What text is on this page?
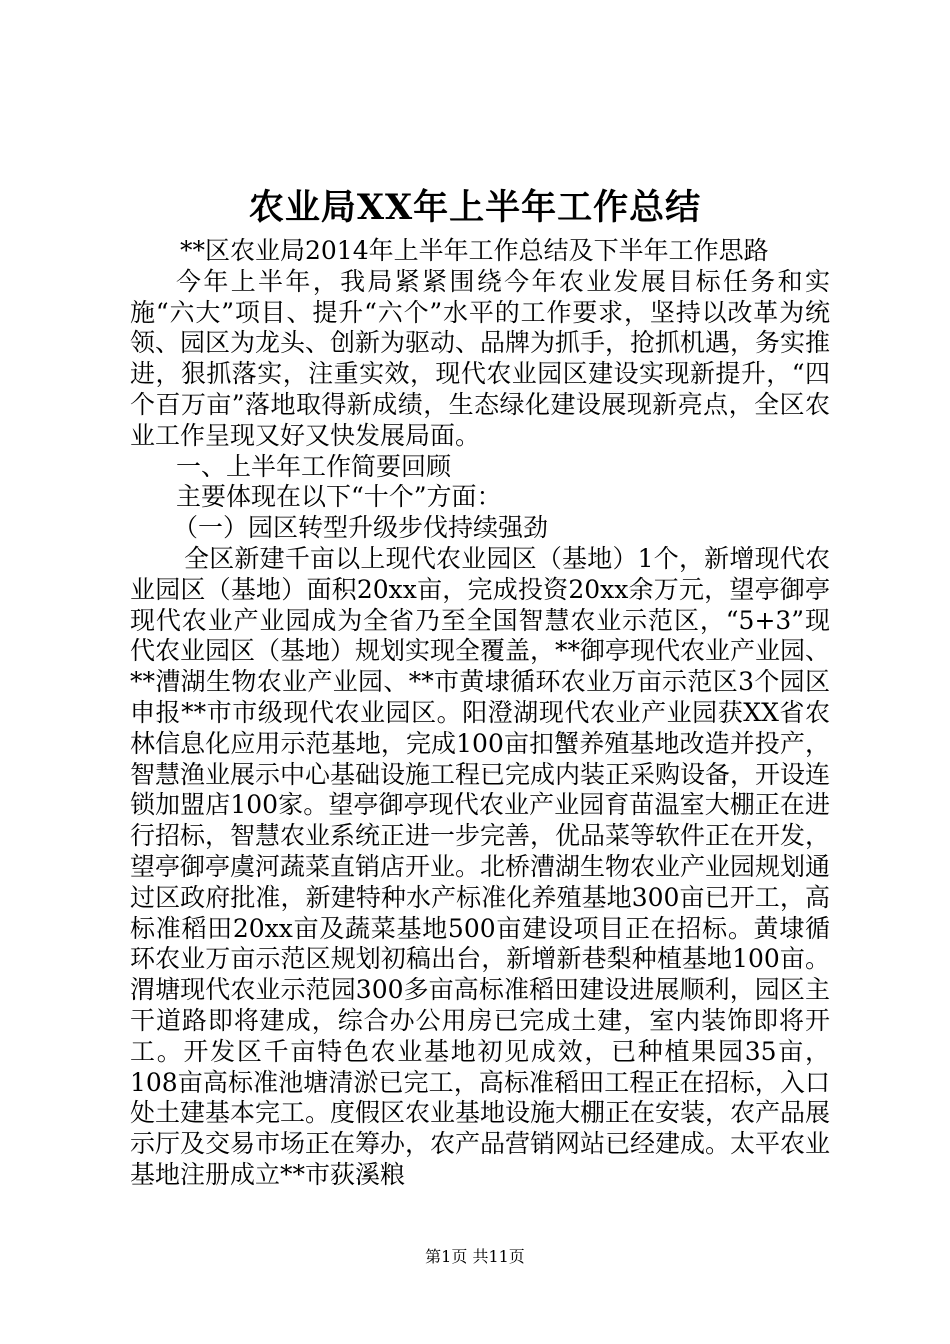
农业局XX年上半年工作总结

**区农业局2014年上半年工作总结及下半年工作思路

今年上半年，我局紧紧围绕今年农业发展目标任务和实施“六大”项目、提升“六个”水平的工作要求，坚持以改革为统领、园区为龙头、创新为驱动、品牌为抓手，抢抓机遇，务实推进，狠抓落实，注重实效，现代农业园区建设实现新提升，“四个百万亩”落地取得新成绩，生态绿化建设展现新亮点，全区农业工作呈现又好又快发展局面。

一、上半年工作简要回顾

主要体现在以下“十个”方面：

（一）园区转型升级步伐持续强劲

全区新建千亩以上现代农业园区（基地）1个，新增现代农业园区（基地）面积20xx亩，完成投资20xx余万元，望亭御亭现代农业产业园成为全省乃至全国智慧农业示范区，“5+3”现代农业园区（基地）规划实现全覆盖，**御亭现代农业产业园、**漕湖生物农业产业园、**市黄埭循环农业万亩示范区3个园区申报**市市级现代农业园区。阳澄湖现代农业产业园获XX省农林信息化应用示范基地，完成100亩扣蟹养殖基地改造并投产，智慧渔业展示中心基础设施工程已完成内装正采购设备，开设连锁加盟店100家。望亭御亭现代农业产业园育苗温室大棚正在进行招标，智慧农业系统正进一步完善，优品菜等软件正在开发，望亭御亭虞河蔬菜直销店开业。北桥漕湖生物农业产业园规划通过区政府批准，新建特种水产标准化养殖基地300亩已开工，高标准稻田20xx亩及蔬菜基地500亩建设项目正在招标。黄埭循环农业万亩示范区规划初稿出台，新增新巷梨种植基地100亩。渭塘现代农业示范园300多亩高标准稻田建设进展顺利，园区主干道路即将建成，综合办公用房已完成土建，室内装饰即将开工。开发区千亩特色农业基地初见成效，已种植果园35亩，108亩高标准池塘清淤已完工，高标准稻田工程正在招标，入口处土建基本完工。度假区农业基地设施大棚正在安装，农产品展示厅及交易市场正在筹办，农产品营销网站已经建成。太平农业基地注册成立**市荻溪粮

第1页 共11页
